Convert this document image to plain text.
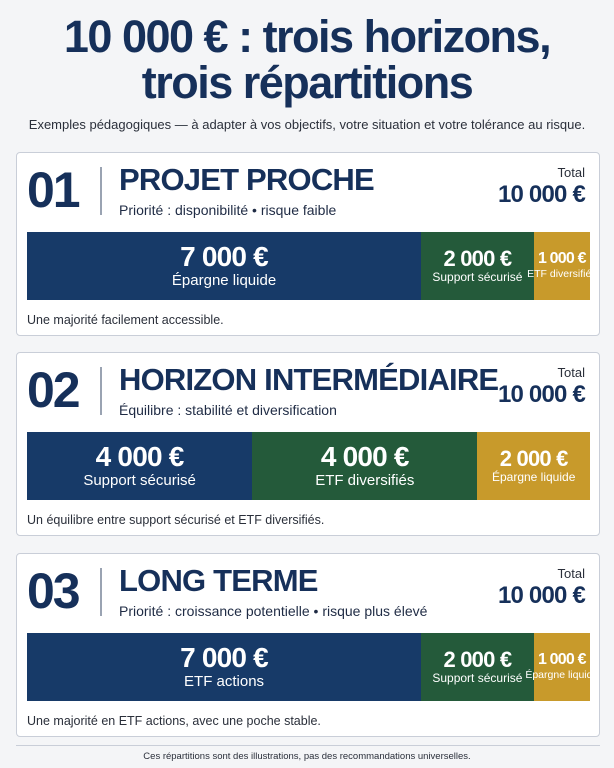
10 000 € : trois horizons,
trois répartitions
Exemples pédagogiques — à adapter à vos objectifs, votre situation et votre tolérance au risque.
01	PROJET PROCHE
Priorité : disponibilité • risque faible
Total
10 000 €
7 000 €
Épargne liquide
2 000 €
Support sécurisé
1 000 €
ETF diversifiés
Une majorité facilement accessible.
02	HORIZON INTERMÉDIAIRE
Équilibre : stabilité et diversification
Total
10 000 €
4 000 €
Support sécurisé
4 000 €
ETF diversifiés
2 000 €
Épargne liquide
Un équilibre entre support sécurisé et ETF diversifiés.
03	LONG TERME
Priorité : croissance potentielle • risque plus élevé
Total
10 000 €
7 000 €
ETF actions
2 000 €
Support sécurisé
1 000 €
Épargne liquide
Une majorité en ETF actions, avec une poche stable.
Ces répartitions sont des illustrations, pas des recommandations universelles.
